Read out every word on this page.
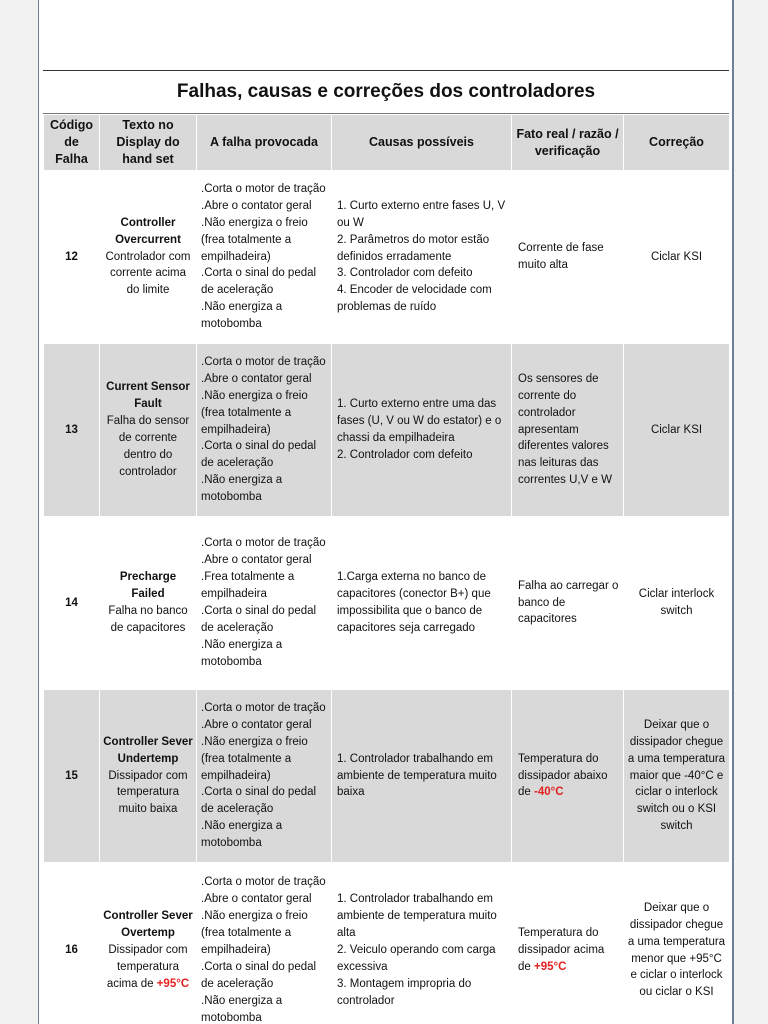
Falhas, causas e correções dos controladores
Código de Falha	Texto no Display do hand set	A falha provocada	Causas possíveis	Fato real / razão / verificação	Correção
12	Controller Overcurrent
Controlador com corrente acima do limite	.Corta o motor de tração
.Abre o contator geral
.Não energiza o freio (frea totalmente a empilhadeira)
.Corta o sinal do pedal de aceleração
.Não energiza a motobomba	1. Curto externo entre fases U, V ou W
2. Parâmetros do motor estão definidos erradamente
3. Controlador com defeito
4. Encoder de velocidade com problemas de ruído	Corrente de fase muito alta	Ciclar KSI
13	Current Sensor Fault
Falha do sensor de corrente dentro do controlador	.Corta o motor de tração
.Abre o contator geral
.Não energiza o freio (frea totalmente a empilhadeira)
.Corta o sinal do pedal de aceleração
.Não energiza a motobomba	1. Curto externo entre uma das fases (U, V ou W do estator) e o chassi da empilhadeira
2. Controlador com defeito	Os sensores de corrente do controlador apresentam diferentes valores nas leituras das correntes U,V e W	Ciclar KSI
14	Precharge Failed
Falha no banco de capacitores	.Corta o motor de tração
.Abre o contator geral
.Frea totalmente a empilhadeira
.Corta o sinal do pedal de aceleração
.Não energiza a motobomba	1.Carga externa no banco de capacitores (conector B+) que impossibilita que o banco de capacitores seja carregado	Falha ao carregar o banco de capacitores	Ciclar interlock switch
15	Controller Sever Undertemp
Dissipador com temperatura muito baixa	.Corta o motor de tração
.Abre o contator geral
.Não energiza o freio (frea totalmente a empilhadeira)
.Corta o sinal do pedal de aceleração
.Não energiza a motobomba	1. Controlador trabalhando em ambiente de temperatura muito baixa	Temperatura do dissipador abaixo de -40°C	Deixar que o dissipador chegue a uma temperatura maior que -40°C e ciclar o interlock switch ou o KSI switch
16	Controller Sever Overtemp
Dissipador com temperatura acima de +95°C	.Corta o motor de tração
.Abre o contator geral
.Não energiza o freio (frea totalmente a empilhadeira)
.Corta o sinal do pedal de aceleração
.Não energiza a motobomba	1. Controlador trabalhando em ambiente de temperatura muito alta
2. Veiculo operando com carga excessiva
3. Montagem impropria do controlador	Temperatura do dissipador acima de +95°C	Deixar que o dissipador chegue a uma temperatura menor que +95°C e ciclar o interlock ou ciclar o KSI
